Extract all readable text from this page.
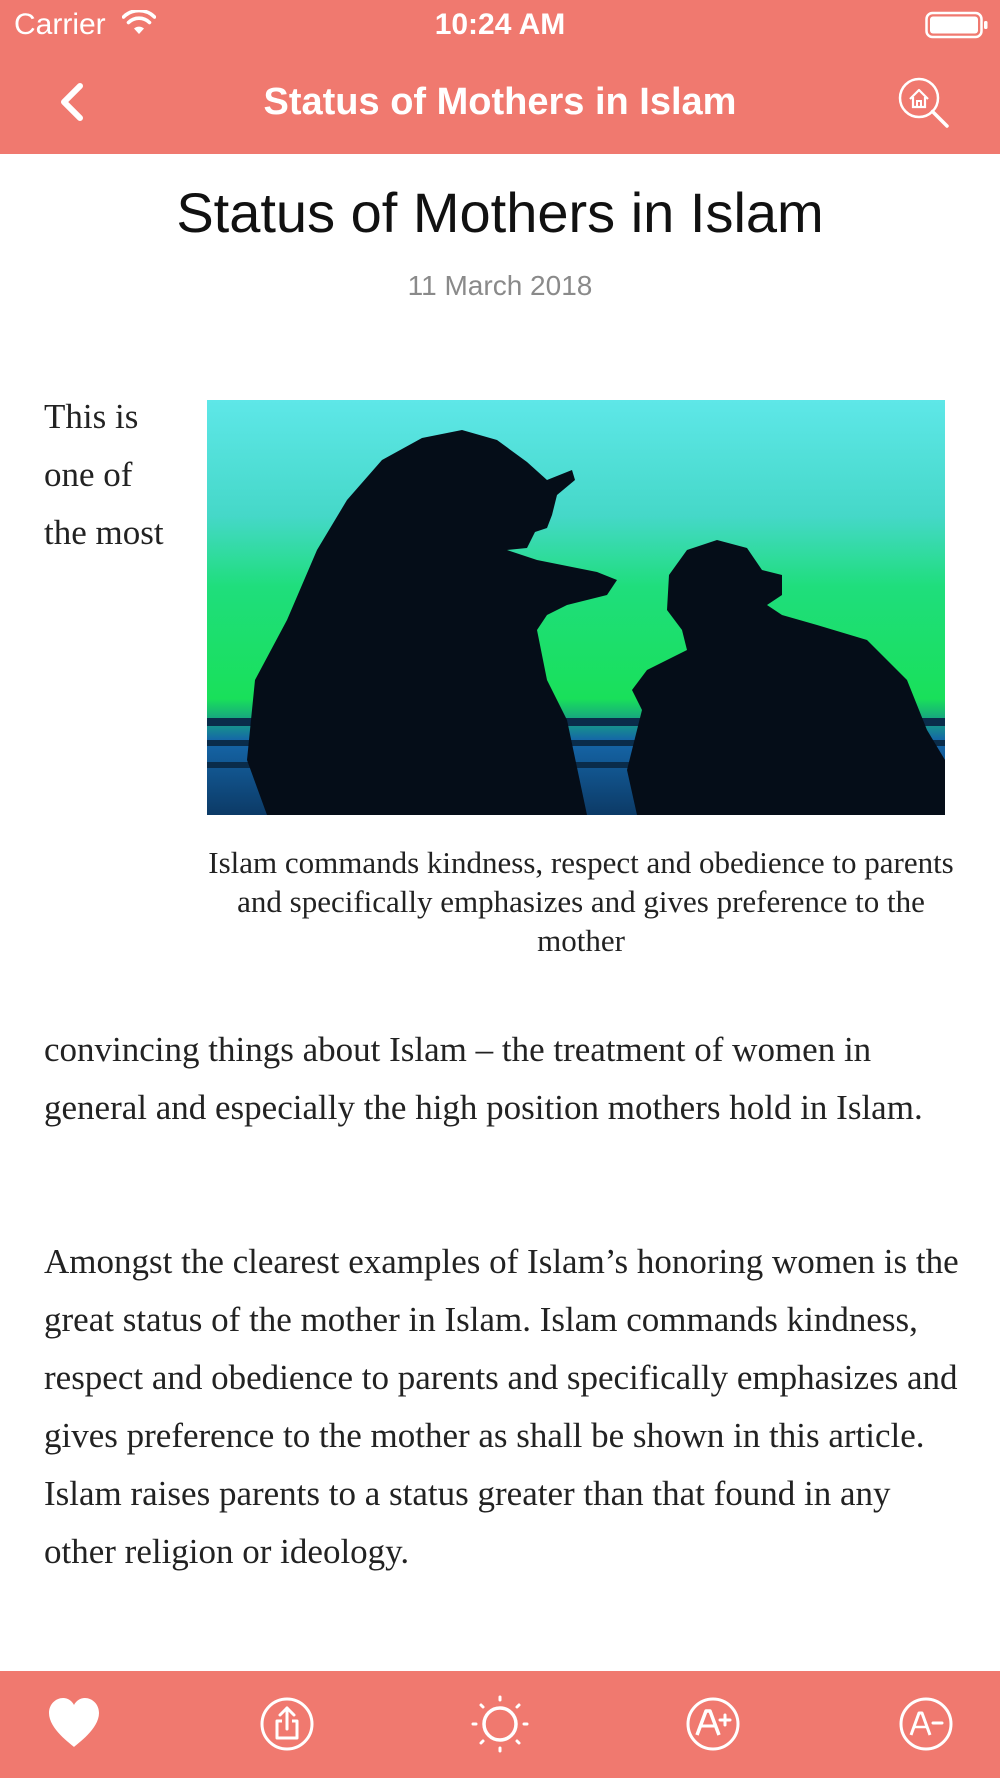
Carrier	10:24 AM
Status of Mothers in Islam
Status of Mothers in Islam
11 March 2018

This is one of the most

Islam commands kindness, respect and obedience to parents and specifically emphasizes and gives preference to the mother

convincing things about Islam – the treatment of women in general and especially the high position mothers hold in Islam.

Amongst the clearest examples of Islam’s honoring women is the great status of the mother in Islam. Islam commands kindness, respect and obedience to parents and specifically emphasizes and gives preference to the mother as shall be shown in this article. Islam raises parents to a status greater than that found in any other religion or ideology.
